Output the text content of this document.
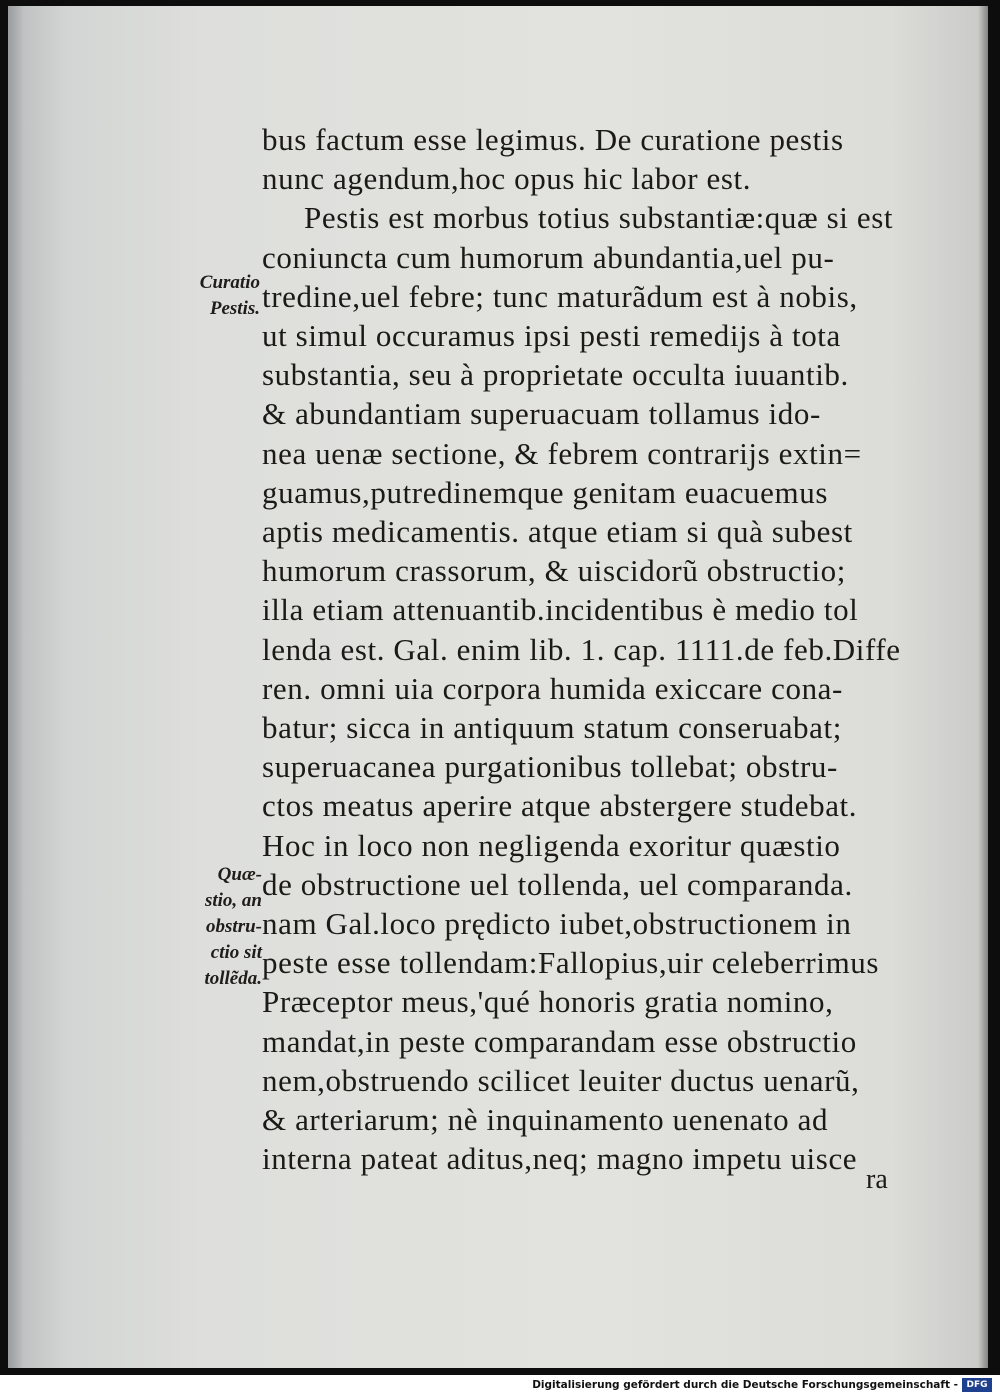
bus factum esse legimus. De curatione pestis
nunc agendum,hoc opus hic labor est.
Pestis est morbus totius substantiæ:quæ si est
coniuncta cum humorum abundantia,uel pu-
tredine,uel febre; tunc maturãdum est à nobis,
ut simul occuramus ipsi pesti remedijs à tota
substantia, seu à proprietate occulta iuuantib.
& abundantiam superuacuam tollamus ido-
nea uenæ sectione, & febrem contrarijs extin=
guamus,putredinemque genitam euacuemus
aptis medicamentis. atque etiam si quà subest
humorum crassorum, & uiscidorũ obstructio;
illa etiam attenuantib.incidentibus è medio tol
lenda est. Gal. enim lib. 1. cap. 1111.de feb.Diffe
ren. omni uia corpora humida exiccare cona-
batur; sicca in antiquum statum conseruabat;
superuacanea purgationibus tollebat; obstru-
ctos meatus aperire atque abstergere studebat.
Hoc in loco non negligenda exoritur quæstio
de obstructione uel tollenda, uel comparanda.
nam Gal.loco prędicto iubet,obstructionem in
peste esse tollendam:Fallopius,uir celeberrimus
Præceptor meus,'qué honoris gratia nomino,
mandat,in peste comparandam esse obstructio
nem,obstruendo scilicet leuiter ductus uenarũ,
& arteriarum; nè inquinamento uenenato ad
interna pateat aditus,neq; magno impetu uisce
Curatio
Pestis.
Quæ-
stio, an
obstru-
ctio sit
tollẽda.
ra
Digitalisierung gefördert durch die Deutsche Forschungsgemeinschaft - DFG
